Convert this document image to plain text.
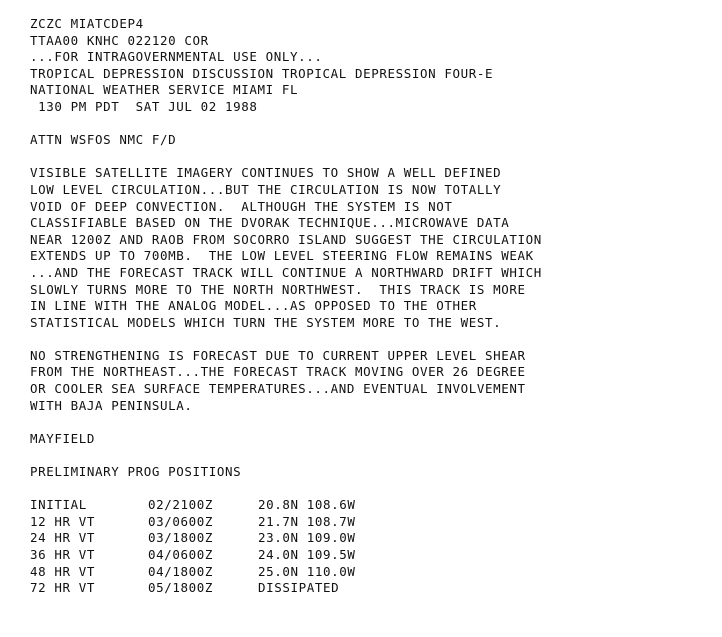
ZCZC MIATCDEP4
TTAA00 KNHC 022120 COR
...FOR INTRAGOVERNMENTAL USE ONLY...
TROPICAL DEPRESSION DISCUSSION TROPICAL DEPRESSION FOUR-E
NATIONAL WEATHER SERVICE MIAMI FL
130 PM PDT  SAT JUL 02 1988
ATTN WSFOS NMC F/D
VISIBLE SATELLITE IMAGERY CONTINUES TO SHOW A WELL DEFINED
LOW LEVEL CIRCULATION...BUT THE CIRCULATION IS NOW TOTALLY
VOID OF DEEP CONVECTION.  ALTHOUGH THE SYSTEM IS NOT
CLASSIFIABLE BASED ON THE DVORAK TECHNIQUE...MICROWAVE DATA
NEAR 1200Z AND RAOB FROM SOCORRO ISLAND SUGGEST THE CIRCULATION
EXTENDS UP TO 700MB.  THE LOW LEVEL STEERING FLOW REMAINS WEAK
...AND THE FORECAST TRACK WILL CONTINUE A NORTHWARD DRIFT WHICH
SLOWLY TURNS MORE TO THE NORTH NORTHWEST.  THIS TRACK IS MORE
IN LINE WITH THE ANALOG MODEL...AS OPPOSED TO THE OTHER
STATISTICAL MODELS WHICH TURN THE SYSTEM MORE TO THE WEST.
NO STRENGTHENING IS FORECAST DUE TO CURRENT UPPER LEVEL SHEAR
FROM THE NORTHEAST...THE FORECAST TRACK MOVING OVER 26 DEGREE
OR COOLER SEA SURFACE TEMPERATURES...AND EVENTUAL INVOLVEMENT
WITH BAJA PENINSULA.
MAYFIELD
PRELIMINARY PROG POSITIONS
INITIAL	02/2100Z	20.8N 108.6W
12 HR VT	03/0600Z	21.7N 108.7W
24 HR VT	03/1800Z	23.0N 109.0W
36 HR VT	04/0600Z	24.0N 109.5W
48 HR VT	04/1800Z	25.0N 110.0W
72 HR VT	05/1800Z	DISSIPATED
